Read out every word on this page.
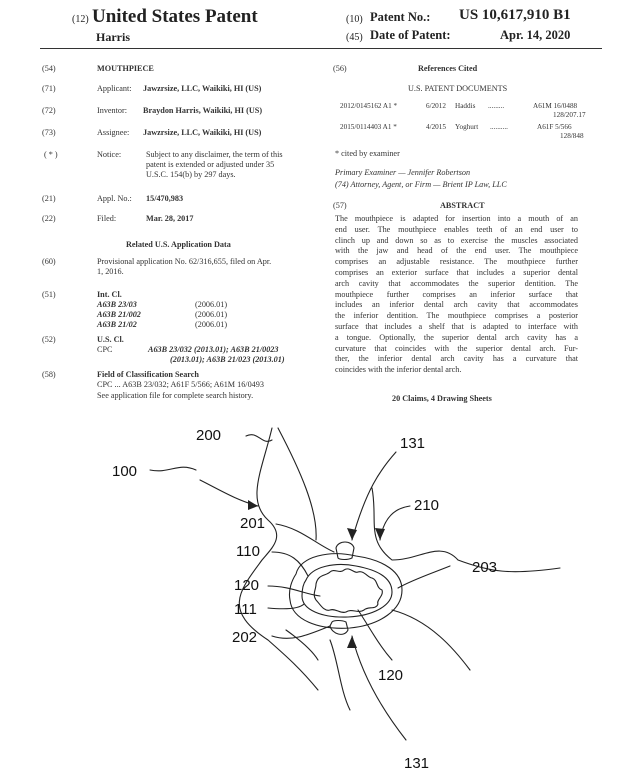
(12) United States Patent
Harris
(10) Patent No.: US 10,617,910 B1
(45) Date of Patent:	Apr. 14, 2020
(54)	MOUTHPIECE
(71)	Applicant: Jawzrsize, LLC, Waikiki, HI (US)
(72)	Inventor: Braydon Harris, Waikiki, HI (US)
(73)	Assignee: Jawzrsize, LLC, Waikiki, HI (US)
( * )	Notice:	Subject to any disclaimer, the term of this
patent is extended or adjusted under 35
U.S.C. 154(b) by 297 days.
(21)	Appl. No.: 15/470,983
(22)	Filed:	Mar. 28, 2017
Related U.S. Application Data
(60)	Provisional application No. 62/316,655, filed on Apr.
1, 2016.
(51)	Int. Cl.
A63B 23/03	(2006.01)
A63B 21/002	(2006.01)
A63B 21/02	(2006.01)
(52)	U.S. Cl.
CPC	A63B 23/032 (2013.01); A63B 21/0023
(2013.01); A63B 21/023 (2013.01)
(58)	Field of Classification Search
CPC ... A63B 23/032; A61F 5/566; A61M 16/0493
See application file for complete search history.
(56)	References Cited
U.S. PATENT DOCUMENTS
2012/0145162 A1 *	6/2012 Haddis .........	A61M 16/0488
128/207.17
2015/0114403 A1 *	4/2015 Yoghurt ..........	A61F 5/566
128/848
* cited by examiner
Primary Examiner — Jennifer Robertson
(74) Attorney, Agent, or Firm — Brient IP Law, LLC
(57)	ABSTRACT
The mouthpiece is adapted for insertion into a mouth of an
end user. The mouthpiece enables teeth of an end user to
clinch up and down so as to exercise the muscles associated
with the jaw and head of the end user. The mouthpiece
comprises an adjustable resistance. The mouthpiece further
comprises an exterior surface that includes a superior dental
arch cavity that accommodates the superior dentition. The
mouthpiece further comprises an inferior surface that
includes an inferior dental arch cavity that accommodates
the inferior dentition. The mouthpiece comprises a posterior
surface that includes a shelf that is adapted to interface with
a tongue. Optionally, the superior dental arch cavity has a
curvature that coincides with the superior dental arch. Fur-
ther, the inferior dental arch cavity has a curvature that
coincides with the inferior dental arch.
20 Claims, 4 Drawing Sheets
100
200	131
210
201
110
203
120
111
202
120
131
